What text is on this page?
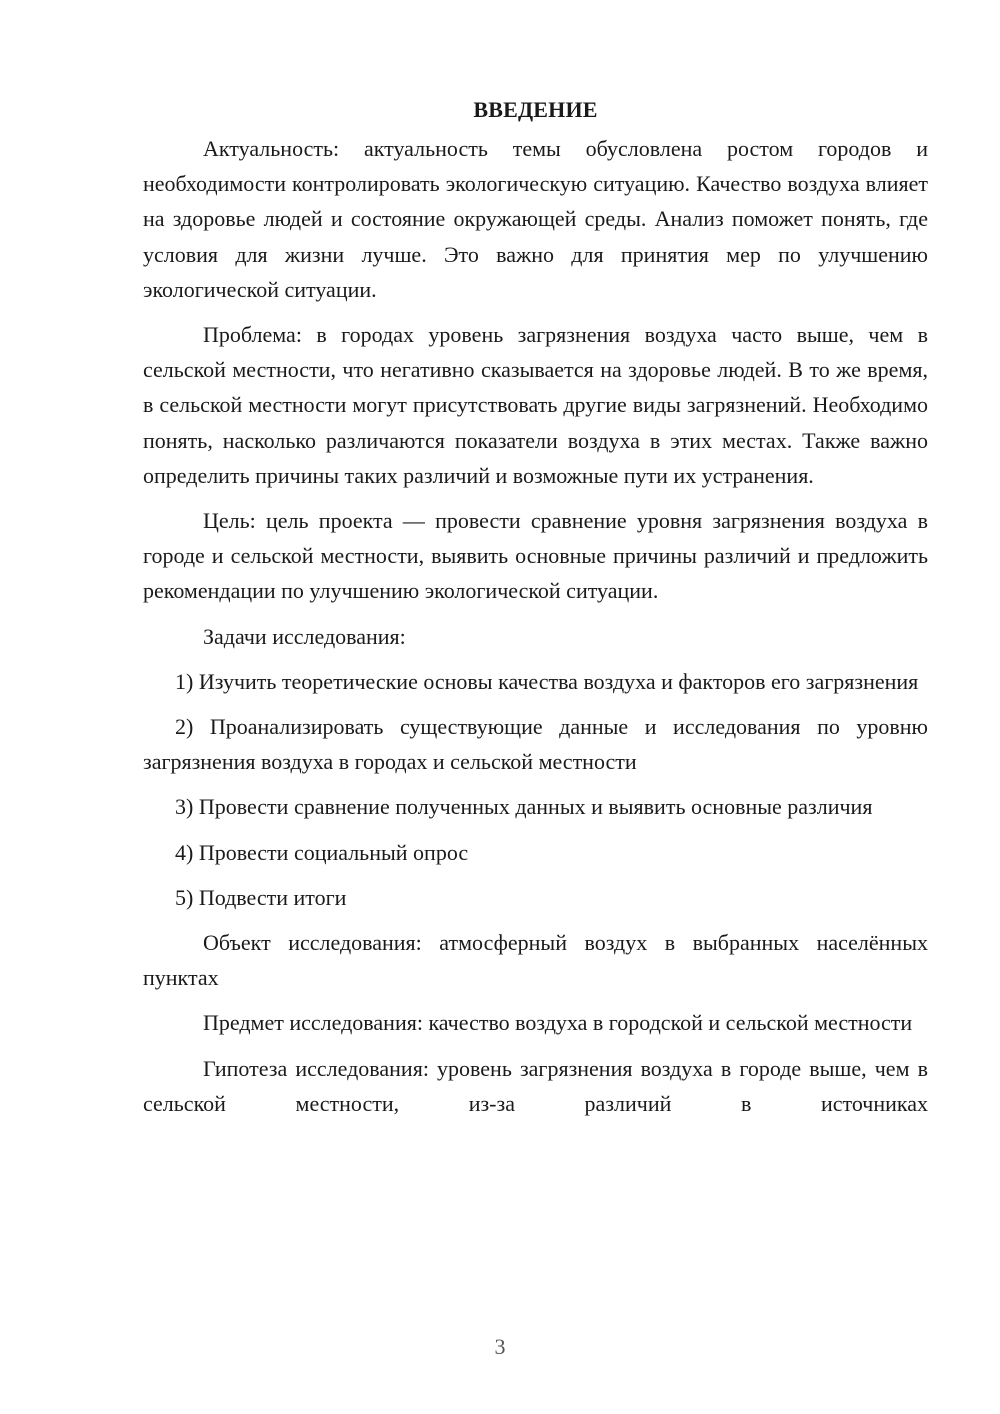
ВВЕДЕНИЕ

Актуальность: актуальность темы обусловлена ростом городов и необходимости контролировать экологическую ситуацию. Качество воздуха влияет на здоровье людей и состояние окружающей среды. Анализ поможет понять, где условия для жизни лучше. Это важно для принятия мер по улучшению экологической ситуации.

Проблема: в городах уровень загрязнения воздуха часто выше, чем в сельской местности, что негативно сказывается на здоровье людей. В то же время, в сельской местности могут присутствовать другие виды загрязнений. Необходимо понять, насколько различаются показатели воздуха в этих местах. Также важно определить причины таких различий и возможные пути их устранения.

Цель: цель проекта — провести сравнение уровня загрязнения воздуха в городе и сельской местности, выявить основные причины различий и предложить рекомендации по улучшению экологической ситуации.

Задачи исследования:

1) Изучить теоретические основы качества воздуха и факторов его загрязнения

2) Проанализировать существующие данные и исследования по уровню загрязнения воздуха в городах и сельской местности

3) Провести сравнение полученных данных и выявить основные различия

4) Провести социальный опрос

5) Подвести итоги

Объект исследования: атмосферный воздух в выбранных населённых пунктах

Предмет исследования: качество воздуха в городской и сельской местности

Гипотеза исследования: уровень загрязнения воздуха в городе выше, чем в сельской местности, из-за различий в источниках

3
